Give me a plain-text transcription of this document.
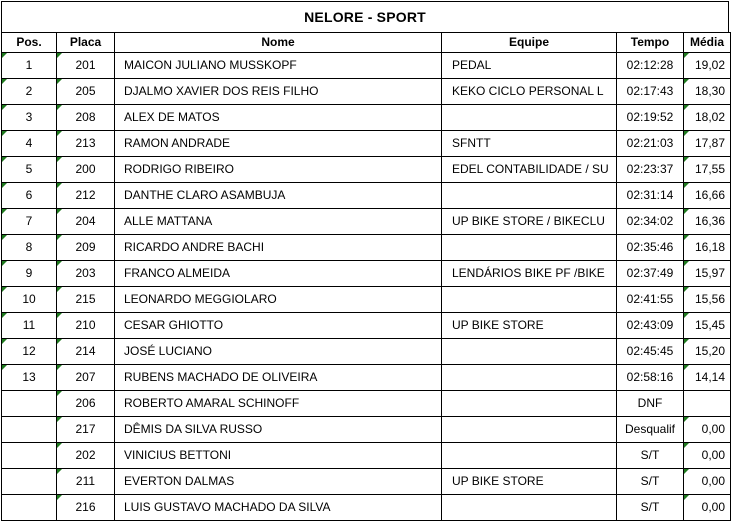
NELORE - SPORT
Pos.	Placa	Nome	Equipe	Tempo	Média
1	201	MAICON JULIANO MUSSKOPF	PEDAL	02:12:28	19,02
2	205	DJALMO XAVIER DOS REIS FILHO	KEKO CICLO PERSONAL L	02:17:43	18,30
3	208	ALEX DE MATOS		02:19:52	18,02
4	213	RAMON ANDRADE	SFNTT	02:21:03	17,87
5	200	RODRIGO RIBEIRO	EDEL CONTABILIDADE / SU	02:23:37	17,55
6	212	DANTHE CLARO ASAMBUJA		02:31:14	16,66
7	204	ALLE MATTANA	UP BIKE STORE / BIKECLU	02:34:02	16,36
8	209	RICARDO ANDRE BACHI		02:35:46	16,18
9	203	FRANCO ALMEIDA	LENDÁRIOS BIKE PF /BIKE	02:37:49	15,97
10	215	LEONARDO MEGGIOLARO		02:41:55	15,56
11	210	CESAR GHIOTTO	UP BIKE STORE	02:43:09	15,45
12	214	JOSÉ LUCIANO		02:45:45	15,20
13	207	RUBENS MACHADO DE OLIVEIRA		02:58:16	14,14
	206	ROBERTO AMARAL SCHINOFF		DNF	
	217	DÊMIS DA SILVA RUSSO		Desqualif	0,00
	202	VINICIUS BETTONI		S/T	0,00
	211	EVERTON DALMAS	UP BIKE STORE	S/T	0,00
	216	LUIS GUSTAVO MACHADO DA SILVA		S/T	0,00
